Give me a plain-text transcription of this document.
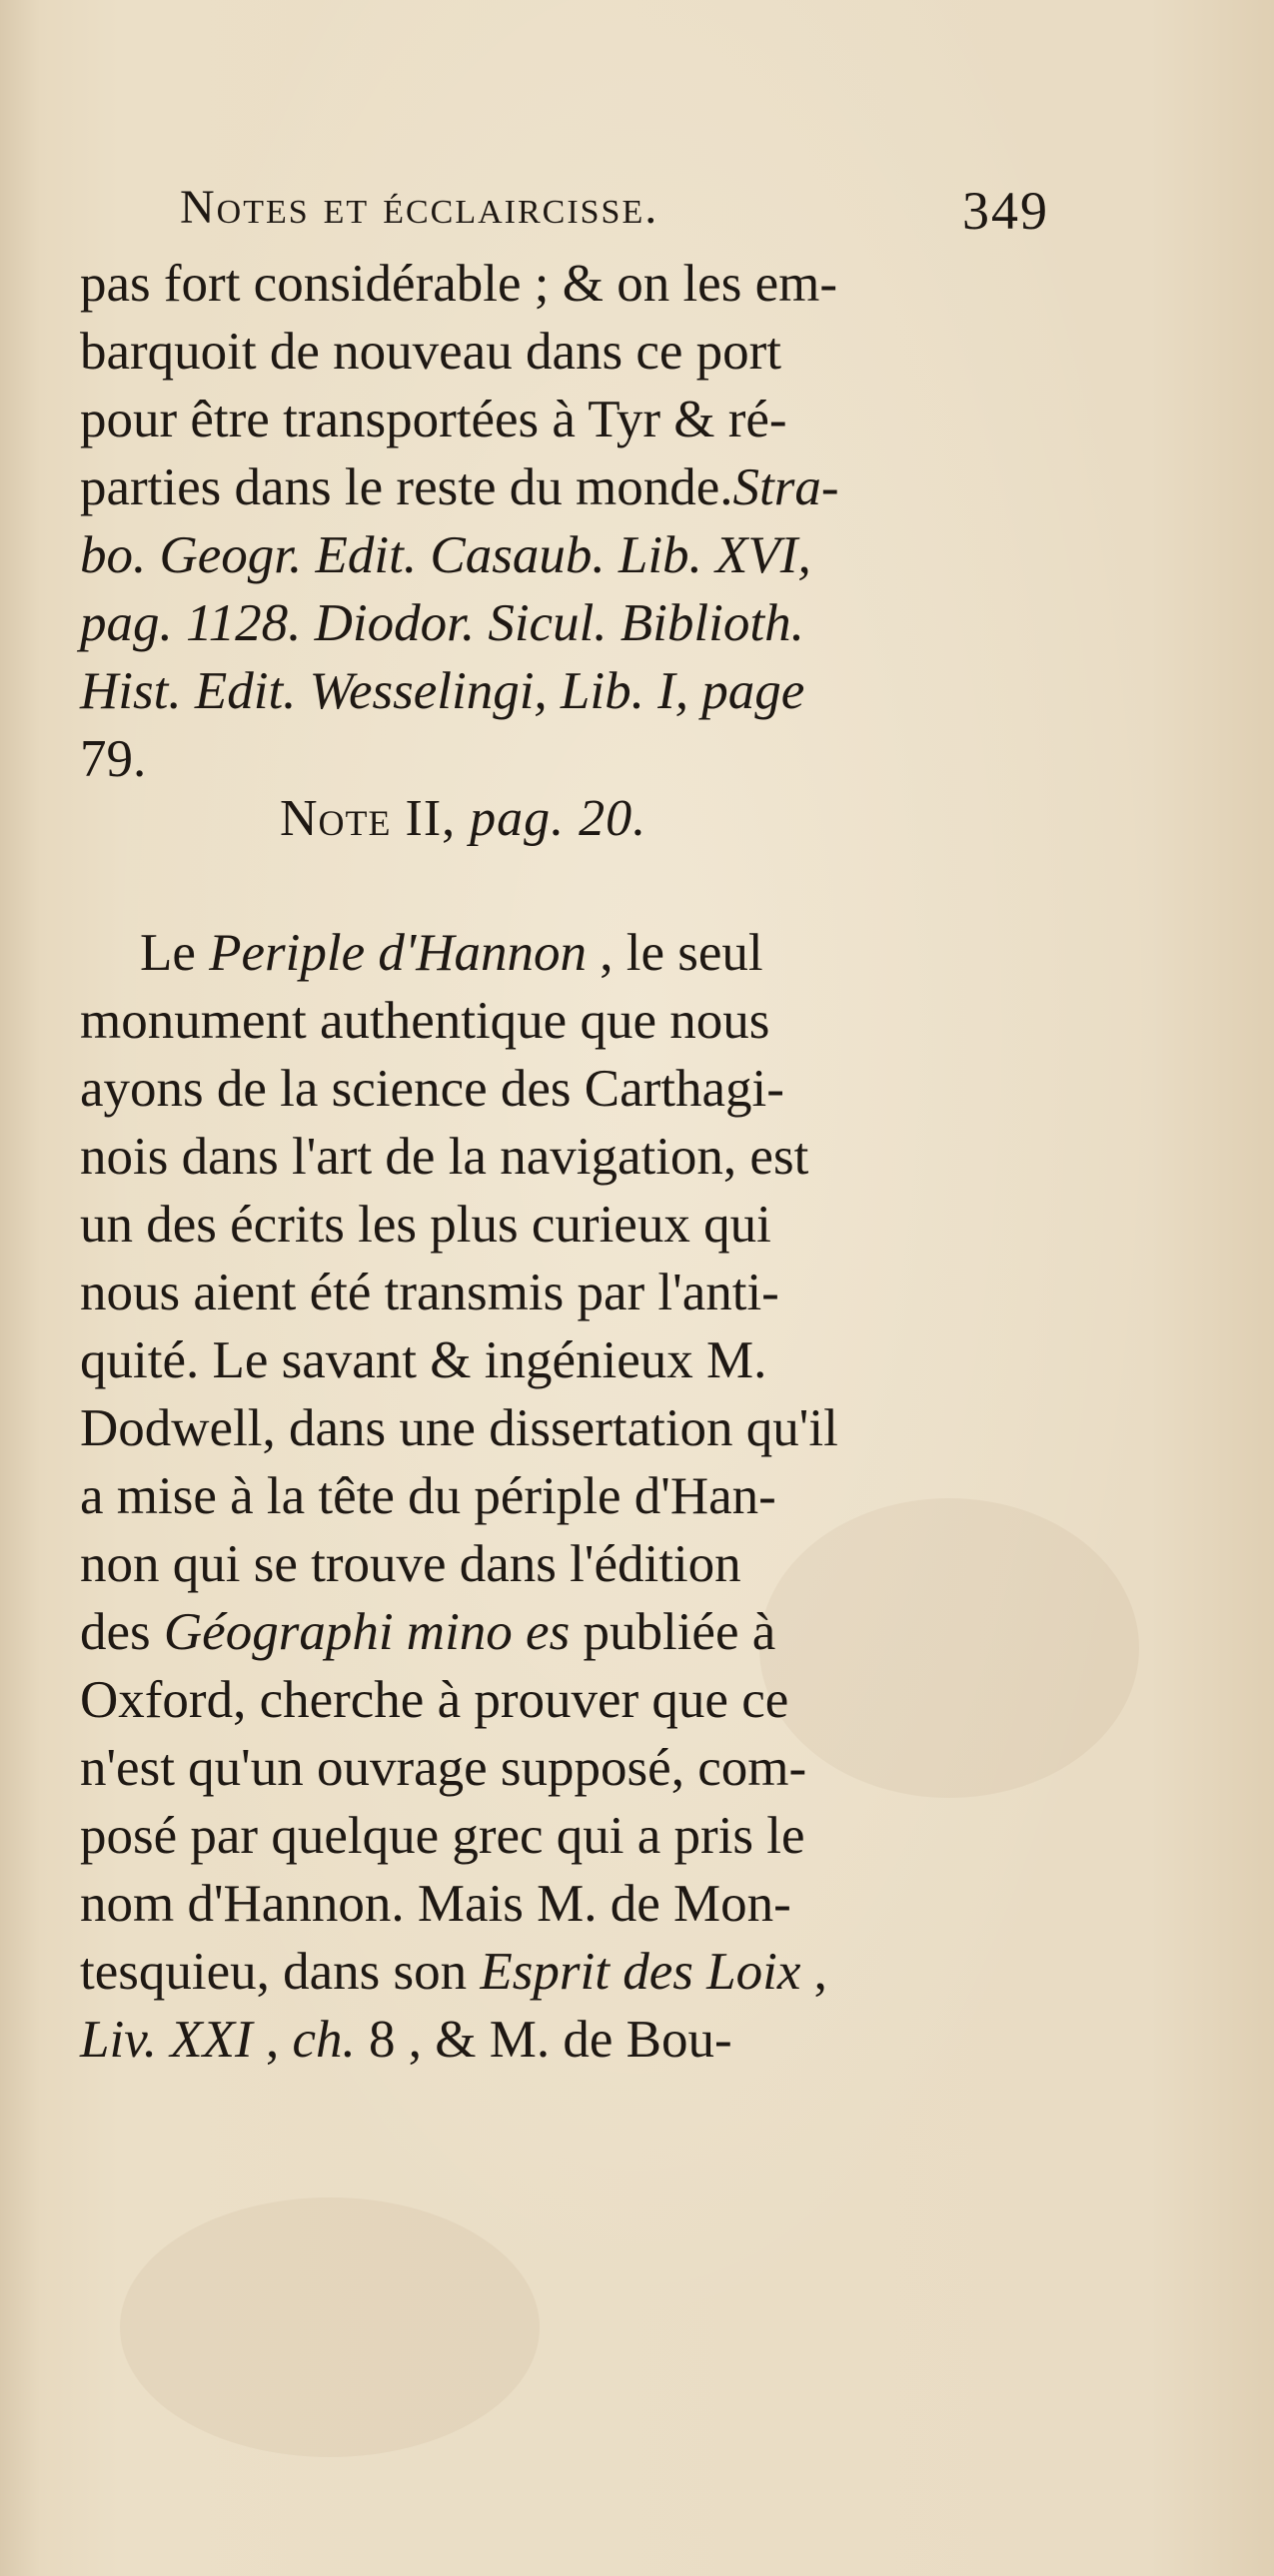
Notes et écclaircisse.	349
pas fort considérable ; & on les em-
barquoit de nouveau dans ce port
pour être transportées à Tyr & ré-
parties dans le reste du monde.Stra-
bo. Geogr. Edit. Casaub. Lib. XVI,
pag. 1128. Diodor. Sicul. Biblioth.
Hist. Edit. Wesselingi, Lib. I, page
79.
Note II, pag. 20.
Le Periple d'Hannon , le seul
monument authentique que nous
ayons de la science des Carthagi-
nois dans l'art de la navigation, est
un des écrits les plus curieux qui
nous aient été transmis par l'anti-
quité. Le savant & ingénieux M.
Dodwell, dans une dissertation qu'il
a mise à la tête du périple d'Han-
non qui se trouve dans l'édition
des Géographi mino es publiée à
Oxford, cherche à prouver que ce
n'est qu'un ouvrage supposé, com-
posé par quelque grec qui a pris le
nom d'Hannon. Mais M. de Mon-
tesquieu, dans son Esprit des Loix ,
Liv. XXI , ch. 8 , & M. de Bou-
